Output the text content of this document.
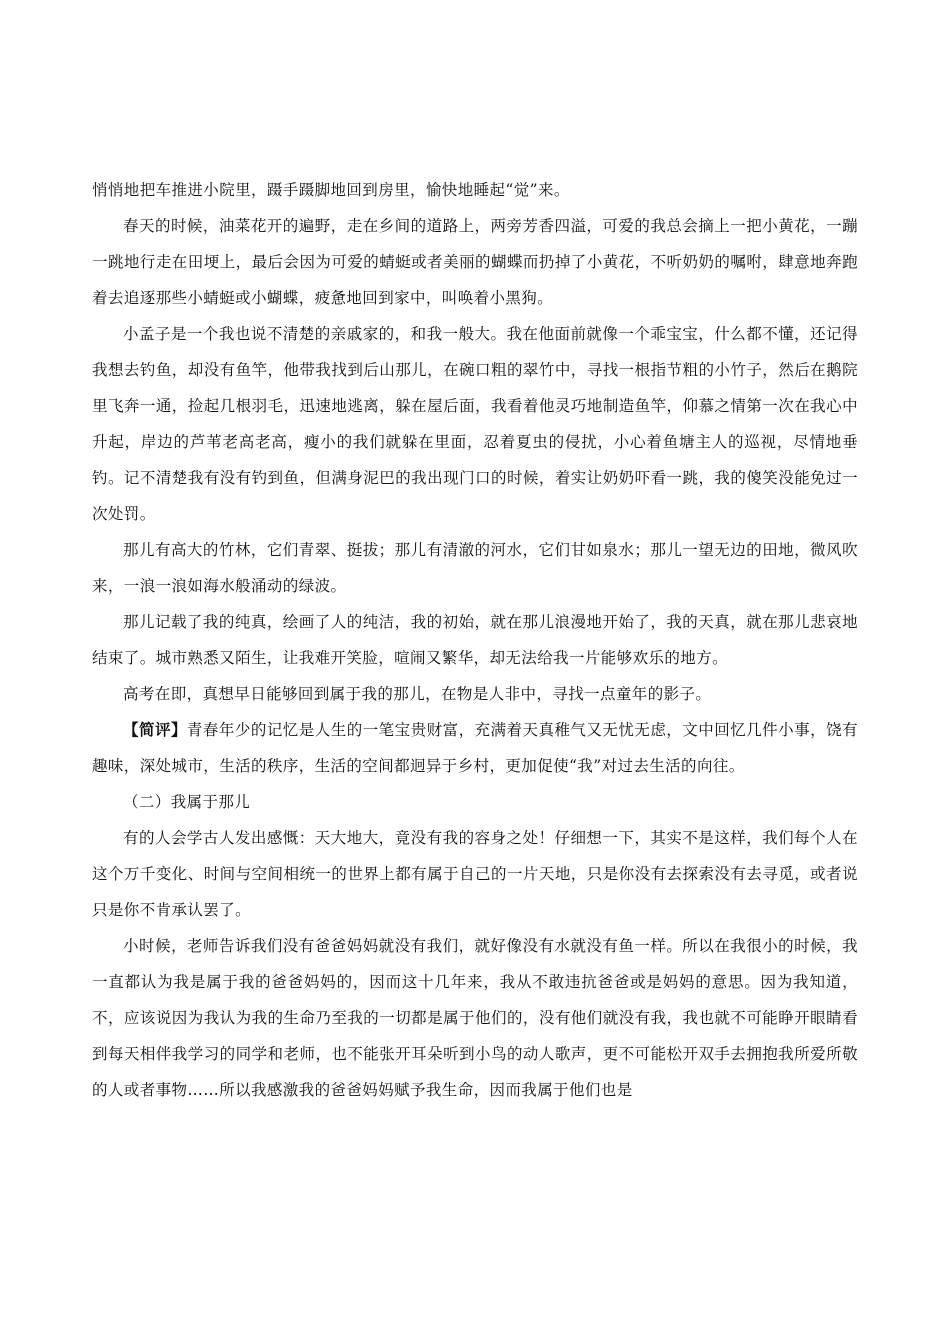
悄悄地把车推进小院里，蹑手蹑脚地回到房里，愉快地睡起“觉”来。

春天的时候，油菜花开的遍野，走在乡间的道路上，两旁芳香四溢，可爱的我总会摘上一把小黄花，一蹦一跳地行走在田埂上，最后会因为可爱的蜻蜓或者美丽的蝴蝶而扔掉了小黄花，不听奶奶的嘱咐，肆意地奔跑着去追逐那些小蜻蜓或小蝴蝶，疲惫地回到家中，叫唤着小黑狗。

小孟子是一个我也说不清楚的亲戚家的，和我一般大。我在他面前就像一个乖宝宝，什么都不懂，还记得我想去钓鱼，却没有鱼竿，他带我找到后山那儿，在碗口粗的翠竹中，寻找一根指节粗的小竹子，然后在鹅院里飞奔一通，捡起几根羽毛，迅速地逃离，躲在屋后面，我看着他灵巧地制造鱼竿，仰慕之情第一次在我心中升起，岸边的芦苇老高老高，瘦小的我们就躲在里面，忍着夏虫的侵扰，小心着鱼塘主人的巡视，尽情地垂钓。记不清楚我有没有钓到鱼，但满身泥巴的我出现门口的时候，着实让奶奶吓看一跳，我的傻笑没能免过一次处罚。

那儿有高大的竹林，它们青翠、挺拔；那儿有清澈的河水，它们甘如泉水；那儿一望无边的田地，微风吹来，一浪一浪如海水般涌动的绿波。

那儿记载了我的纯真，绘画了人的纯洁，我的初始，就在那儿浪漫地开始了，我的天真，就在那儿悲哀地结束了。城市熟悉又陌生，让我难开笑脸，喧闹又繁华，却无法给我一片能够欢乐的地方。

高考在即，真想早日能够回到属于我的那儿，在物是人非中，寻找一点童年的影子。

【简评】青春年少的记忆是人生的一笔宝贵财富，充满着天真稚气又无忧无虑，文中回忆几件小事，饶有趣味，深处城市，生活的秩序，生活的空间都迥异于乡村，更加促使“我”对过去生活的向往。

（二）我属于那儿

有的人会学古人发出感慨：天大地大，竟没有我的容身之处！仔细想一下，其实不是这样，我们每个人在这个万千变化、时间与空间相统一的世界上都有属于自己的一片天地，只是你没有去探索没有去寻觅，或者说只是你不肯承认罢了。

小时候，老师告诉我们没有爸爸妈妈就没有我们，就好像没有水就没有鱼一样。所以在我很小的时候，我一直都认为我是属于我的爸爸妈妈的，因而这十几年来，我从不敢违抗爸爸或是妈妈的意思。因为我知道，不，应该说因为我认为我的生命乃至我的一切都是属于他们的，没有他们就没有我，我也就不可能睁开眼睛看到每天相伴我学习的同学和老师，也不能张开耳朵听到小鸟的动人歌声，更不可能松开双手去拥抱我所爱所敬的人或者事物……所以我感激我的爸爸妈妈赋予我生命，因而我属于他们也是
